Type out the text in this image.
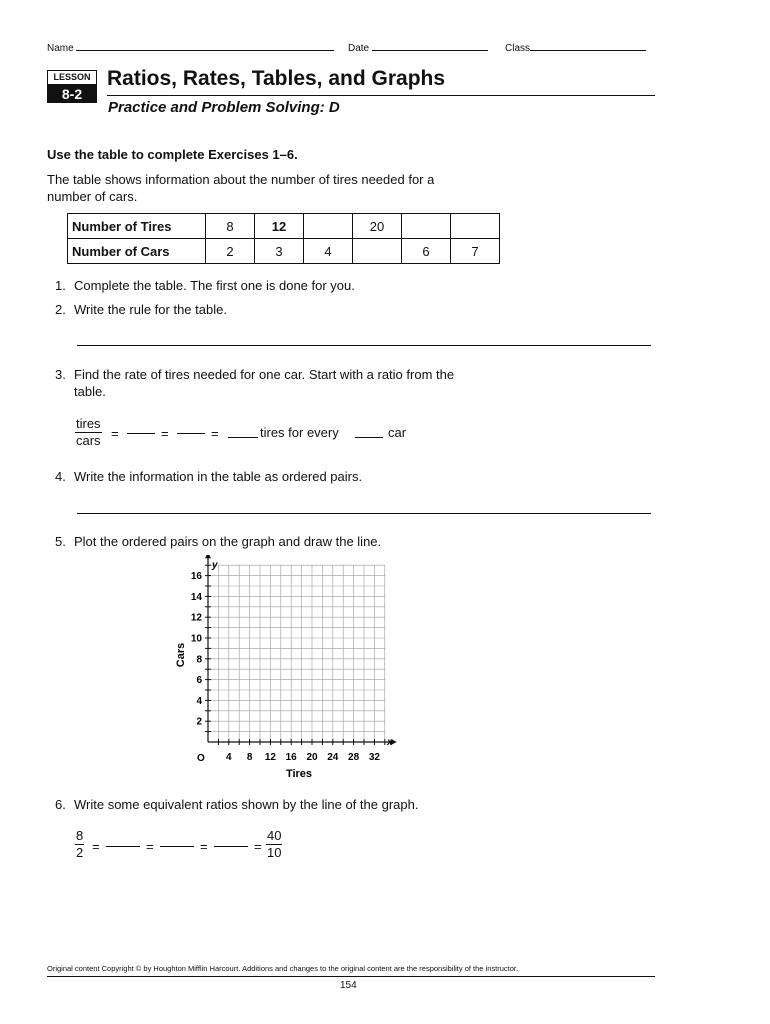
Name	Date	Class
LESSON
8-2
Ratios, Rates, Tables, and Graphs
Practice and Problem Solving: D
Use the table to complete Exercises 1–6.
The table shows information about the number of tires needed for a
number of cars.
Number of Tires	8	12		20		
Number of Cars	2	3	4		6	7
1. Complete the table. The first one is done for you.
2. Write the rule for the table.
3. Find the rate of tires needed for one car. Start with a ratio from the
table.
tires
cars =	=	=	tires for every	car
4. Write the information in the table as ordered pairs.
5. Plot the ordered pairs on the graph and draw the line.
2
4
6
8
10
12
14
16
4 8 12 16 20 24 28 32
y
x
O
Cars
Tires
6. Write some equivalent ratios shown by the line of the graph.
$\frac{8}{2}$ =	=	=	= $\frac{40}{10}$
Original content Copyright © by Houghton Mifflin Harcourt. Additions and changes to the original content are the responsibility of the instructor.
154
